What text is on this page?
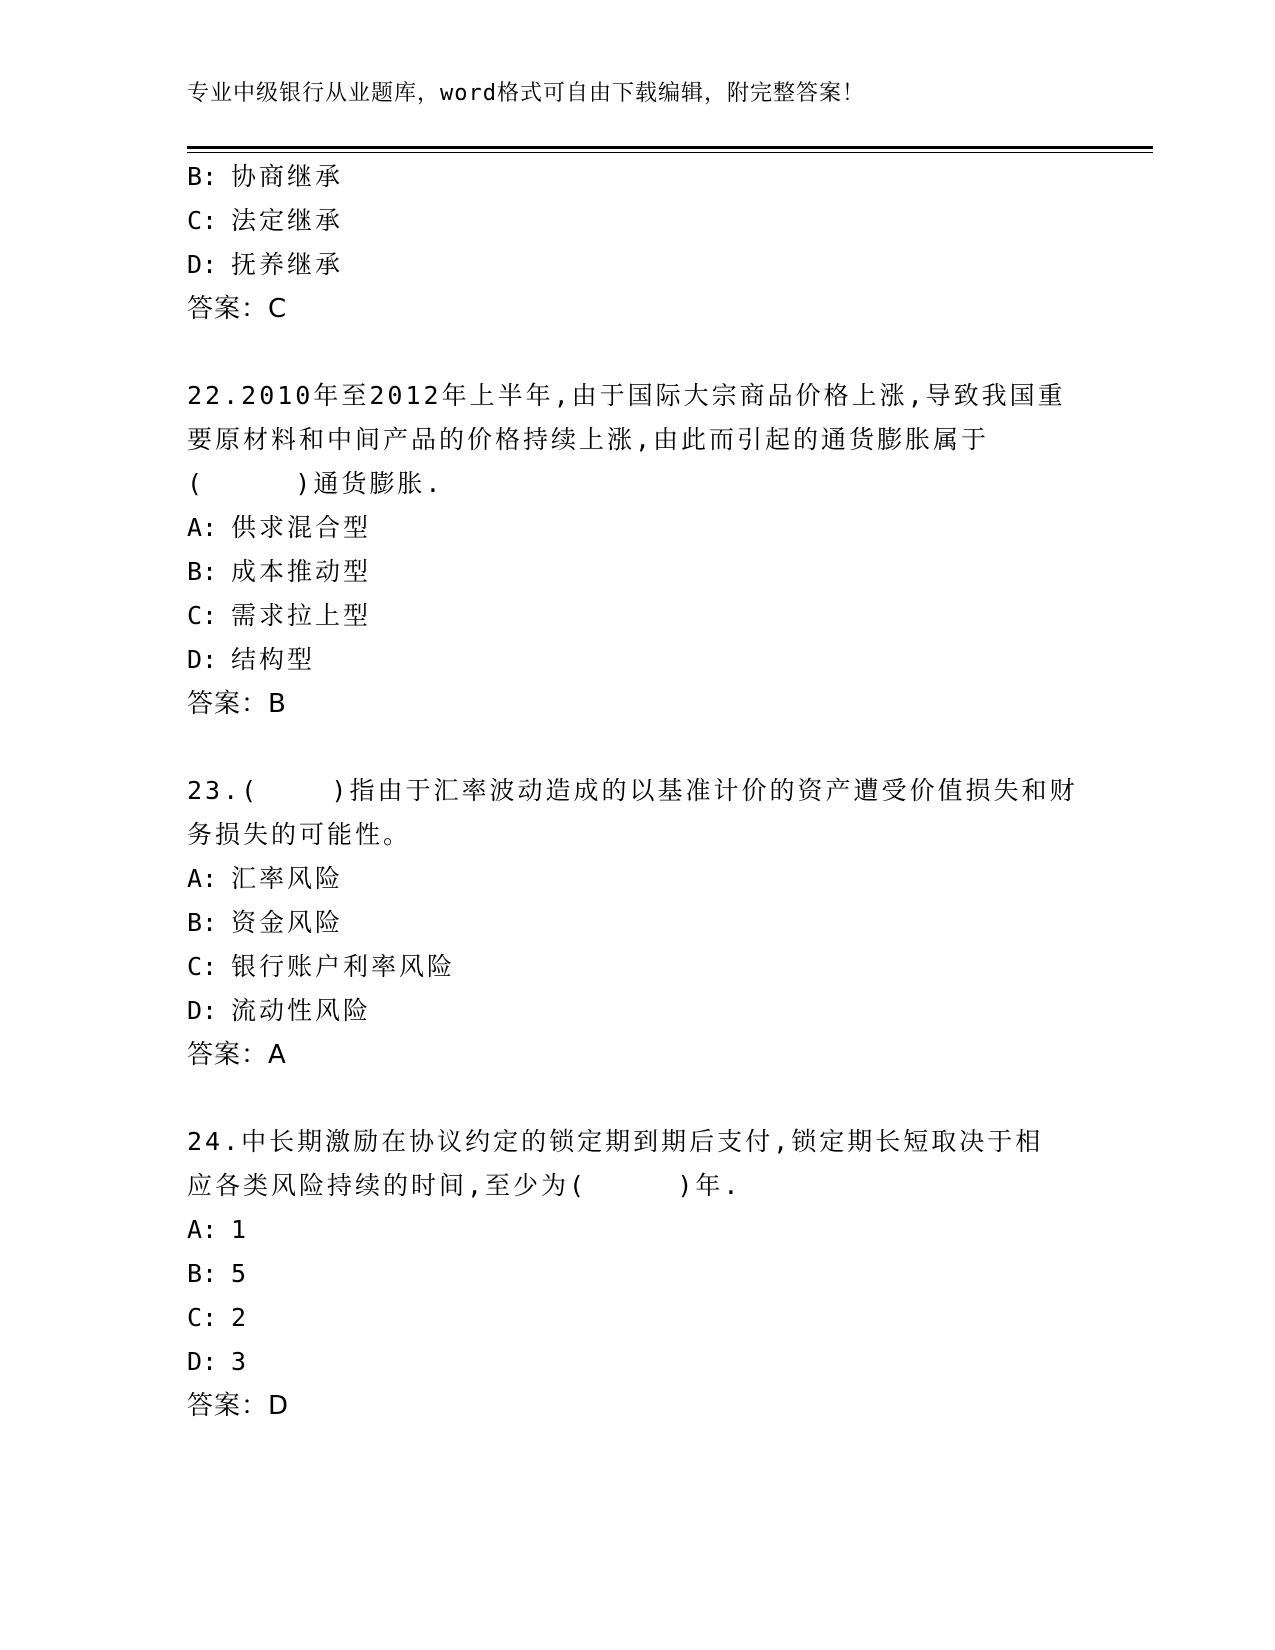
专业中级银行从业题库，word格式可自由下载编辑，附完整答案！
B: 协商继承
C: 法定继承
D: 抚养继承
答案：C
22.2010年至2012年上半年,由于国际大宗商品价格上涨,导致我国重
要原材料和中间产品的价格持续上涨,由此而引起的通货膨胀属于
(     )通货膨胀.
A: 供求混合型
B: 成本推动型
C: 需求拉上型
D: 结构型
答案：B
23.(    )指由于汇率波动造成的以基准计价的资产遭受价值损失和财
务损失的可能性。
A: 汇率风险
B: 资金风险
C: 银行账户利率风险
D: 流动性风险
答案：A
24.中长期激励在协议约定的锁定期到期后支付,锁定期长短取决于相
应各类风险持续的时间,至少为(     )年.
A: 1
B: 5
C: 2
D: 3
答案：D
